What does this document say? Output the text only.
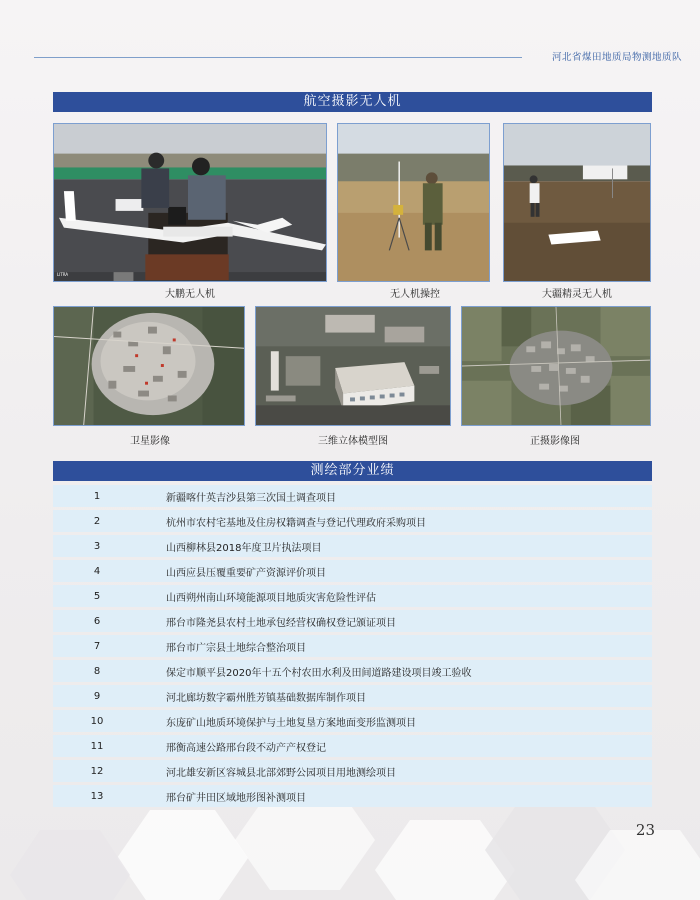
河北省煤田地质局物测地质队
航空摄影无人机
LITRA
大鹏无人机	无人机操控	大疆精灵无人机
卫星影像	三维立体模型图	正摄影像图
测绘部分业绩
1	新疆喀什英吉沙县第三次国土调查项目
2	杭州市农村宅基地及住房权籍调查与登记代理政府采购项目
3	山西柳林县2018年度卫片执法项目
4	山西应县压覆重要矿产资源评价项目
5	山西朔州南山环境能源项目地质灾害危险性评估
6	邢台市隆尧县农村土地承包经营权确权登记颁证项目
7	邢台市广宗县土地综合整治项目
8	保定市顺平县2020年十五个村农田水利及田间道路建设项目竣工验收
9	河北廊坊数字霸州胜芳镇基础数据库制作项目
10	东庞矿山地质环境保护与土地复垦方案地面变形监测项目
11	邢衡高速公路邢台段不动产产权登记
12	河北雄安新区容城县北部郊野公园项目用地测绘项目
13	邢台矿井田区域地形图补测项目
23
